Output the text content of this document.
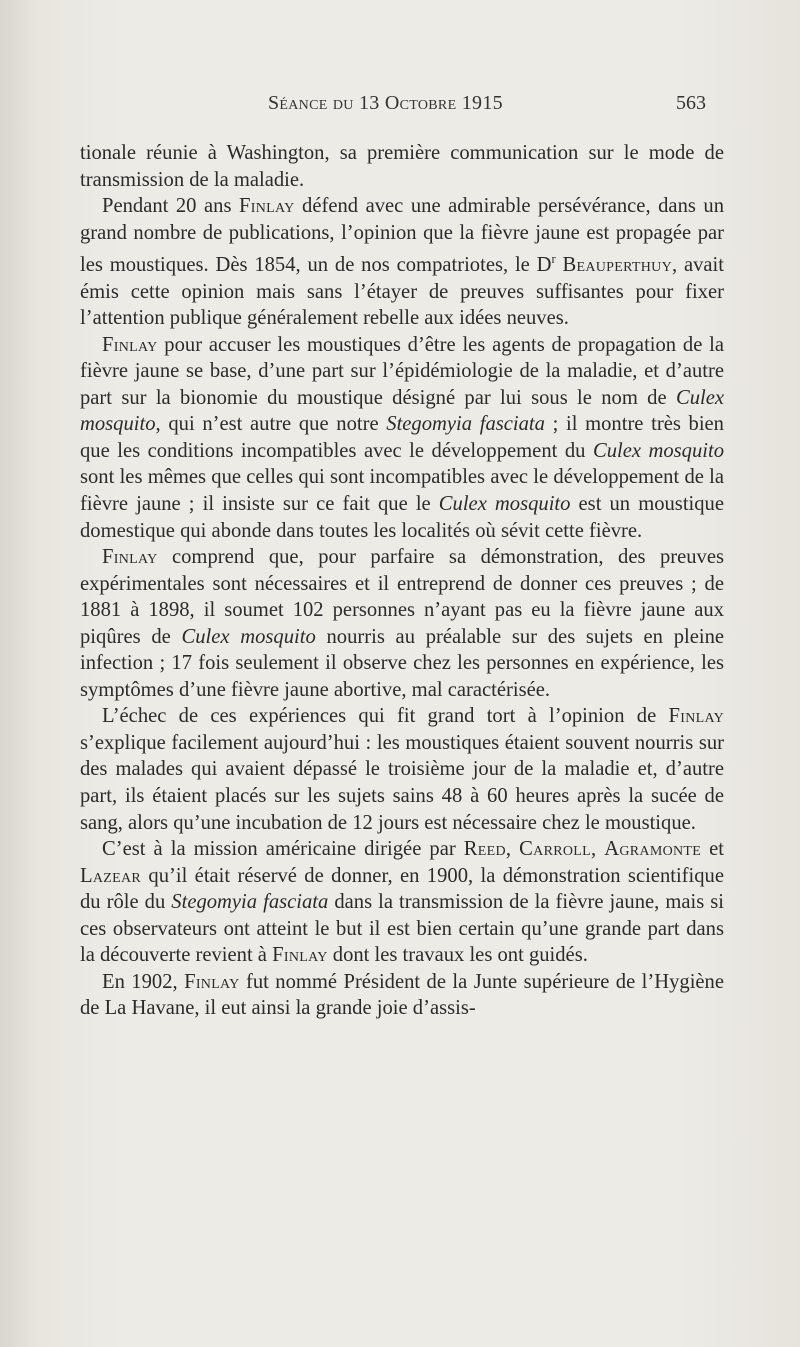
Séance du 13 Octobre 1915	563

tionale réunie à Washington, sa première communication sur le mode de transmission de la maladie.

Pendant 20 ans Finlay défend avec une admirable persévérance, dans un grand nombre de publications, l’opinion que la fièvre jaune est propagée par les moustiques. Dès 1854, un de nos compatriotes, le $D^r$ Beauperthuy, avait émis cette opinion mais sans l’étayer de preuves suffisantes pour fixer l’attention publique généralement rebelle aux idées neuves.

Finlay pour accuser les moustiques d’être les agents de propagation de la fièvre jaune se base, d’une part sur l’épidémiologie de la maladie, et d’autre part sur la bionomie du moustique désigné par lui sous le nom de Culex mosquito, qui n’est autre que notre Stegomyia fasciata ; il montre très bien que les conditions incompatibles avec le développement du Culex mosquito sont les mêmes que celles qui sont incompatibles avec le développement de la fièvre jaune ; il insiste sur ce fait que le Culex mosquito est un moustique domestique qui abonde dans toutes les localités où sévit cette fièvre.

Finlay comprend que, pour parfaire sa démonstration, des preuves expérimentales sont nécessaires et il entreprend de donner ces preuves ; de 1881 à 1898, il soumet 102 personnes n’ayant pas eu la fièvre jaune aux piqûres de Culex mosquito nourris au préalable sur des sujets en pleine infection ; 17 fois seulement il observe chez les personnes en expérience, les symptômes d’une fièvre jaune abortive, mal caractérisée.

L’échec de ces expériences qui fit grand tort à l’opinion de Finlay s’explique facilement aujourd’hui : les moustiques étaient souvent nourris sur des malades qui avaient dépassé le troisième jour de la maladie et, d’autre part, ils étaient placés sur les sujets sains 48 à 60 heures après la sucée de sang, alors qu’une incubation de 12 jours est nécessaire chez le moustique.

C’est à la mission américaine dirigée par Reed, Carroll, Agramonte et Lazear qu’il était réservé de donner, en 1900, la démonstration scientifique du rôle du Stegomyia fasciata dans la transmission de la fièvre jaune, mais si ces observateurs ont atteint le but il est bien certain qu’une grande part dans la découverte revient à Finlay dont les travaux les ont guidés.

En 1902, Finlay fut nommé Président de la Junte supérieure de l’Hygiène de La Havane, il eut ainsi la grande joie d’assis-
